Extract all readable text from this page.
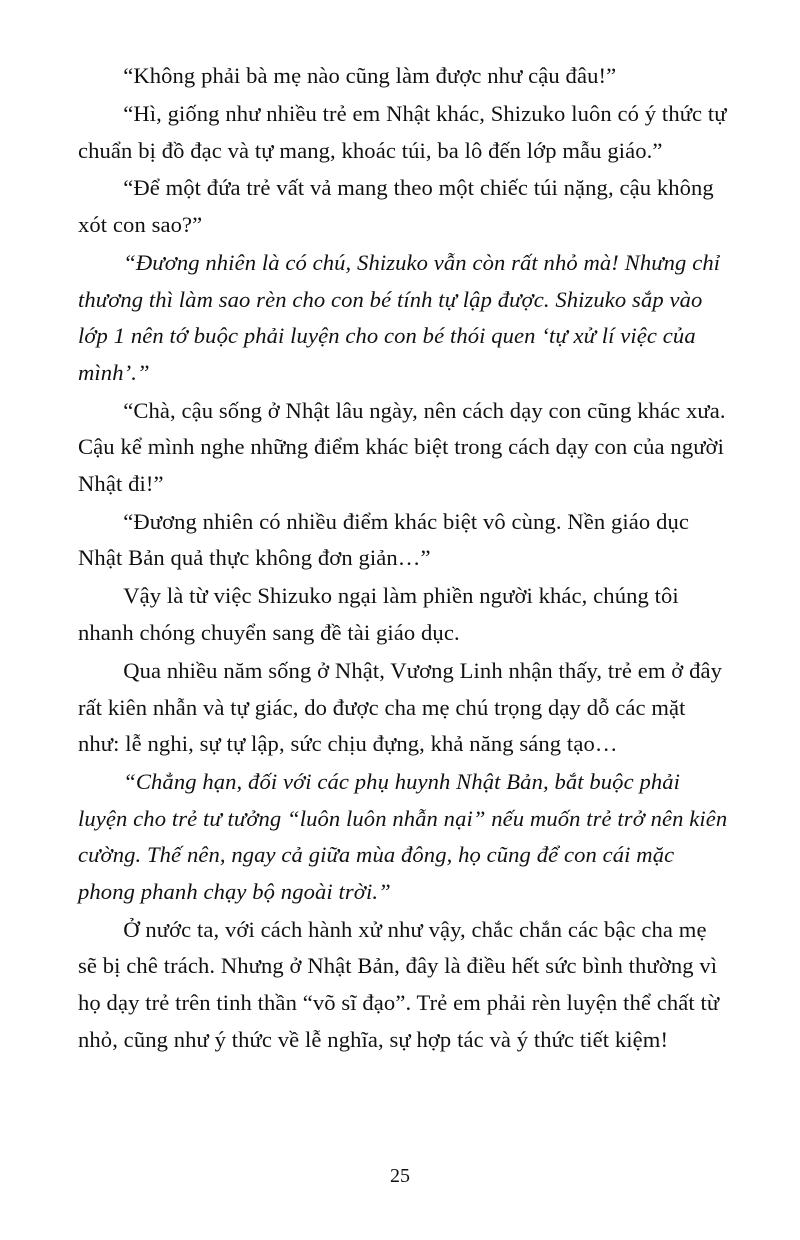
“Không phải bà mẹ nào cũng làm được như cậu đâu!”

“Hì, giống như nhiều trẻ em Nhật khác, Shizuko luôn có ý thức tự chuẩn bị đồ đạc và tự mang, khoác túi, ba lô đến lớp mẫu giáo.”

“Để một đứa trẻ vất vả mang theo một chiếc túi nặng, cậu không xót con sao?”

“Đương nhiên là có chú, Shizuko vẫn còn rất nhỏ mà! Nhưng chỉ thương thì làm sao rèn cho con bé tính tự lập được. Shizuko sắp vào lớp 1 nên tớ buộc phải luyện cho con bé thói quen ‘tự xử lí việc của mình’.”

“Chà, cậu sống ở Nhật lâu ngày, nên cách dạy con cũng khác xưa. Cậu kể mình nghe những điểm khác biệt trong cách dạy con của người Nhật đi!”

“Đương nhiên có nhiều điểm khác biệt vô cùng. Nền giáo dục Nhật Bản quả thực không đơn giản…”

Vậy là từ việc Shizuko ngại làm phiền người khác, chúng tôi nhanh chóng chuyển sang đề tài giáo dục.

Qua nhiều năm sống ở Nhật, Vương Linh nhận thấy, trẻ em ở đây rất kiên nhẫn và tự giác, do được cha mẹ chú trọng dạy dỗ các mặt như: lễ nghi, sự tự lập, sức chịu đựng, khả năng sáng tạo…

“Chẳng hạn, đối với các phụ huynh Nhật Bản, bắt buộc phải luyện cho trẻ tư tưởng “luôn luôn nhẫn nại” nếu muốn trẻ trở nên kiên cường. Thế nên, ngay cả giữa mùa đông, họ cũng để con cái mặc phong phanh chạy bộ ngoài trời.”

Ở nước ta, với cách hành xử như vậy, chắc chắn các bậc cha mẹ sẽ bị chê trách. Nhưng ở Nhật Bản, đây là điều hết sức bình thường vì họ dạy trẻ trên tinh thần “võ sĩ đạo”. Trẻ em phải rèn luyện thể chất từ nhỏ, cũng như ý thức về lễ nghĩa, sự hợp tác và ý thức tiết kiệm!

25
